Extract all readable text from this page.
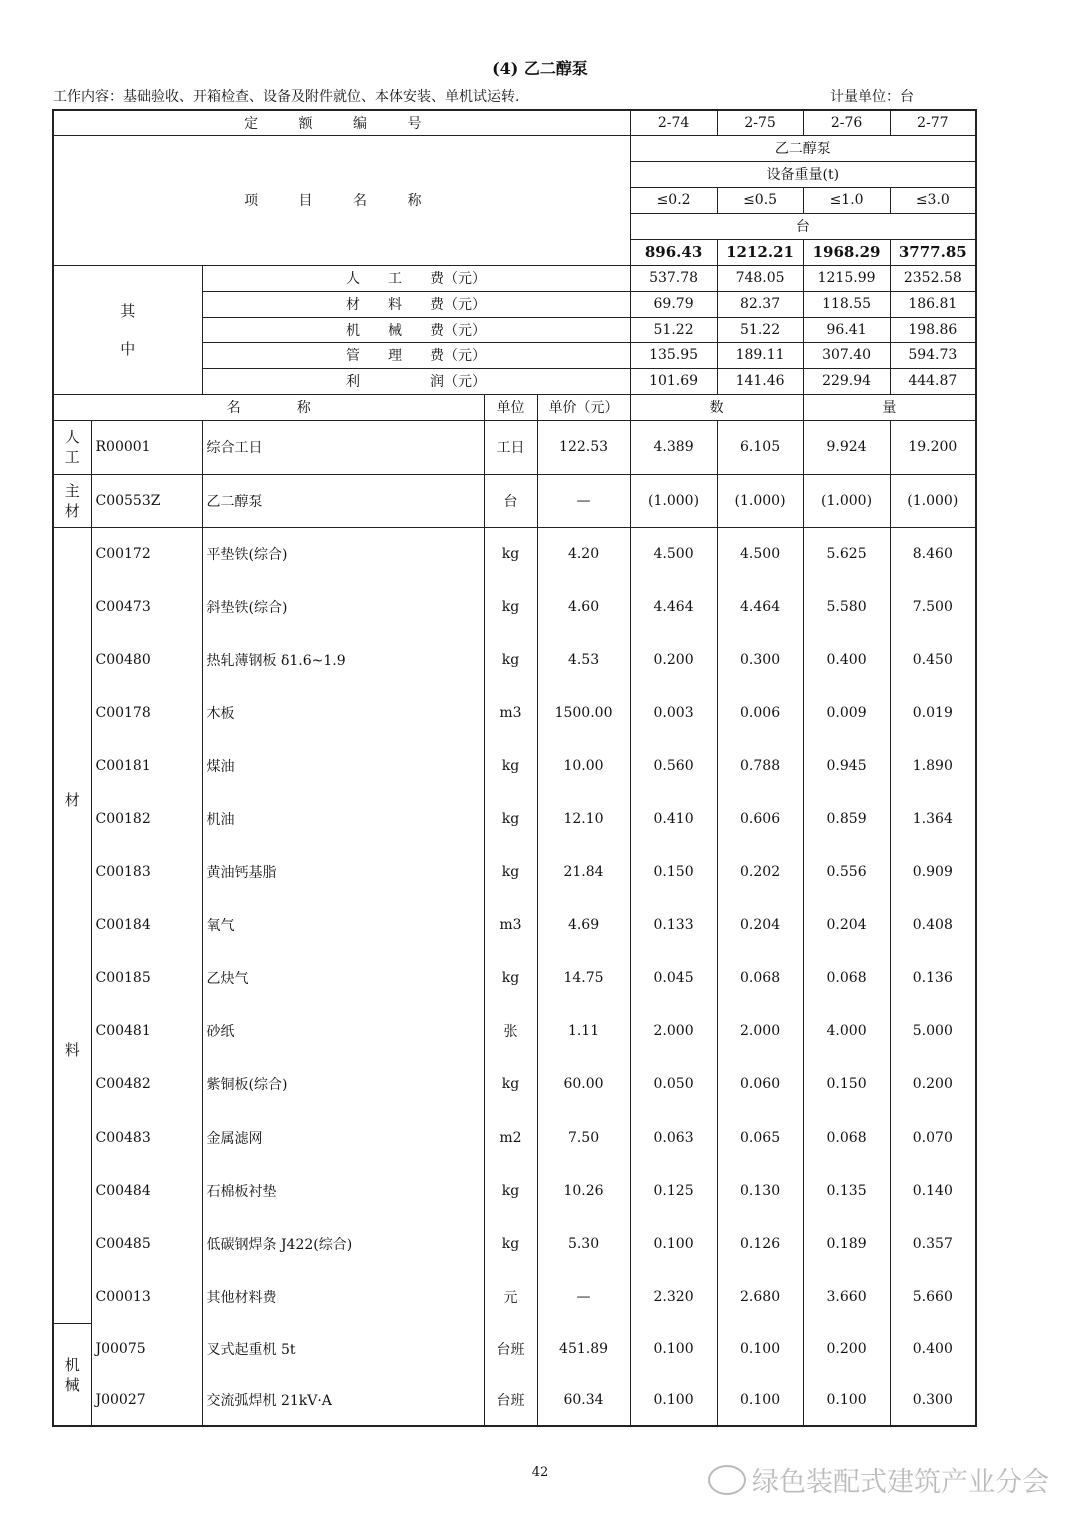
(4) 乙二醇泵
工作内容：基础验收、开箱检查、设备及附件就位、本体安装、单机试运转.	计量单位：台
定 额 编 号					2-74	2-75	2-76	2-77
项 目 名 称					乙二醇泵			
					设备重量(t)			
					≤0.2	≤0.5	≤1.0	≤3.0
					台			
					896.43	1212.21	1968.29	3777.85

其
中		人　　工　　费（元）			537.78	748.05	1215.99	2352.58
		材　　料　　费（元）			69.79	82.37	118.55	186.81
		机　　械　　费（元）			51.22	51.22	96.41	198.86
		管　　理　　费（元）			135.95	189.11	307.40	594.73
		利　　　　　润（元）			101.69	141.46	229.94	444.87
名　　　　称			单位	单价（元）	数		量	

人
工	R00001	综合工日	工日	122.53	4.389	6.105	9.924	19.200

主
材	C00553Z	乙二醇泵	台	—	(1.000)	(1.000)	(1.000)	(1.000)

材
料	C00172	平垫铁(综合)	kg	4.20	4.500	4.500	5.625	8.460
	C00473	斜垫铁(综合)	kg	4.60	4.464	4.464	5.580	7.500
	C00480	热轧薄钢板 δ1.6~1.9	kg	4.53	0.200	0.300	0.400	0.450
	C00178	木板	m3	1500.00	0.003	0.006	0.009	0.019
	C00181	煤油	kg	10.00	0.560	0.788	0.945	1.890
	C00182	机油	kg	12.10	0.410	0.606	0.859	1.364
	C00183	黄油钙基脂	kg	21.84	0.150	0.202	0.556	0.909
	C00184	氧气	m3	4.69	0.133	0.204	0.204	0.408
	C00185	乙炔气	kg	14.75	0.045	0.068	0.068	0.136
	C00481	砂纸	张	1.11	2.000	2.000	4.000	5.000
	C00482	紫铜板(综合)	kg	60.00	0.050	0.060	0.150	0.200
	C00483	金属滤网	m2	7.50	0.063	0.065	0.068	0.070
	C00484	石棉板衬垫	kg	10.26	0.125	0.130	0.135	0.140
	C00485	低碳钢焊条 J422(综合)	kg	5.30	0.100	0.126	0.189	0.357
	C00013	其他材料费	元	—	2.320	2.680	3.660	5.660

机
械	J00075	叉式起重机 5t	台班	451.89	0.100	0.100	0.200	0.400
	J00027	交流弧焊机 21kV·A	台班	60.34	0.100	0.100	0.100	0.300
42	绿色装配式建筑产业分会
